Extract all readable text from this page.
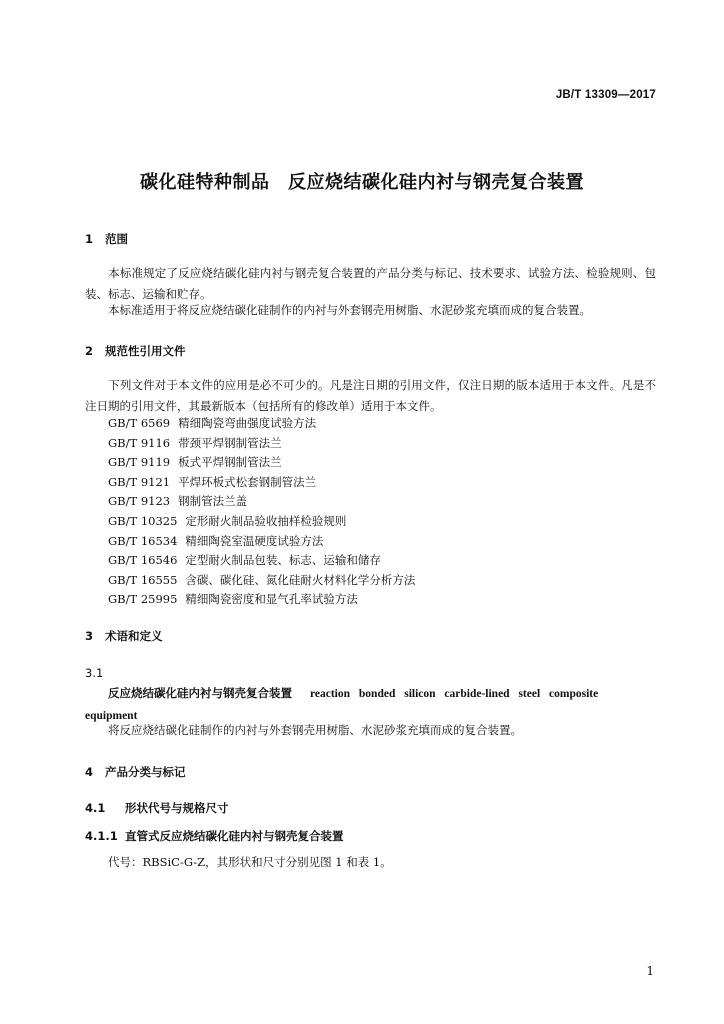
JB/T 13309—2017
碳化硅特种制品　反应烧结碳化硅内衬与钢壳复合装置
1 范围
本标准规定了反应烧结碳化硅内衬与钢壳复合装置的产品分类与标记、技术要求、试验方法、检验规则、包装、标志、运输和贮存。
本标准适用于将反应烧结碳化硅制作的内衬与外套钢壳用树脂、水泥砂浆充填而成的复合装置。
2 规范性引用文件
下列文件对于本文件的应用是必不可少的。凡是注日期的引用文件，仅注日期的版本适用于本文件。凡是不注日期的引用文件，其最新版本（包括所有的修改单）适用于本文件。
GB/T 6569 精细陶瓷弯曲强度试验方法
GB/T 9116 带颈平焊钢制管法兰
GB/T 9119 板式平焊钢制管法兰
GB/T 9121 平焊环板式松套钢制管法兰
GB/T 9123 钢制管法兰盖
GB/T 10325 定形耐火制品验收抽样检验规则
GB/T 16534 精细陶瓷室温硬度试验方法
GB/T 16546 定型耐火制品包装、标志、运输和储存
GB/T 16555 含碳、碳化硅、氮化硅耐火材料化学分析方法
GB/T 25995 精细陶瓷密度和显气孔率试验方法
3 术语和定义
3.1
反应烧结碳化硅内衬与钢壳复合装置 reaction bonded silicon carbide-lined steel composite
equipment
将反应烧结碳化硅制作的内衬与外套钢壳用树脂、水泥砂浆充填而成的复合装置。
4 产品分类与标记
4.1 形状代号与规格尺寸
4.1.1 直管式反应烧结碳化硅内衬与钢壳复合装置
代号：RBSiC-G-Z，其形状和尺寸分别见图 1 和表 1。
1
